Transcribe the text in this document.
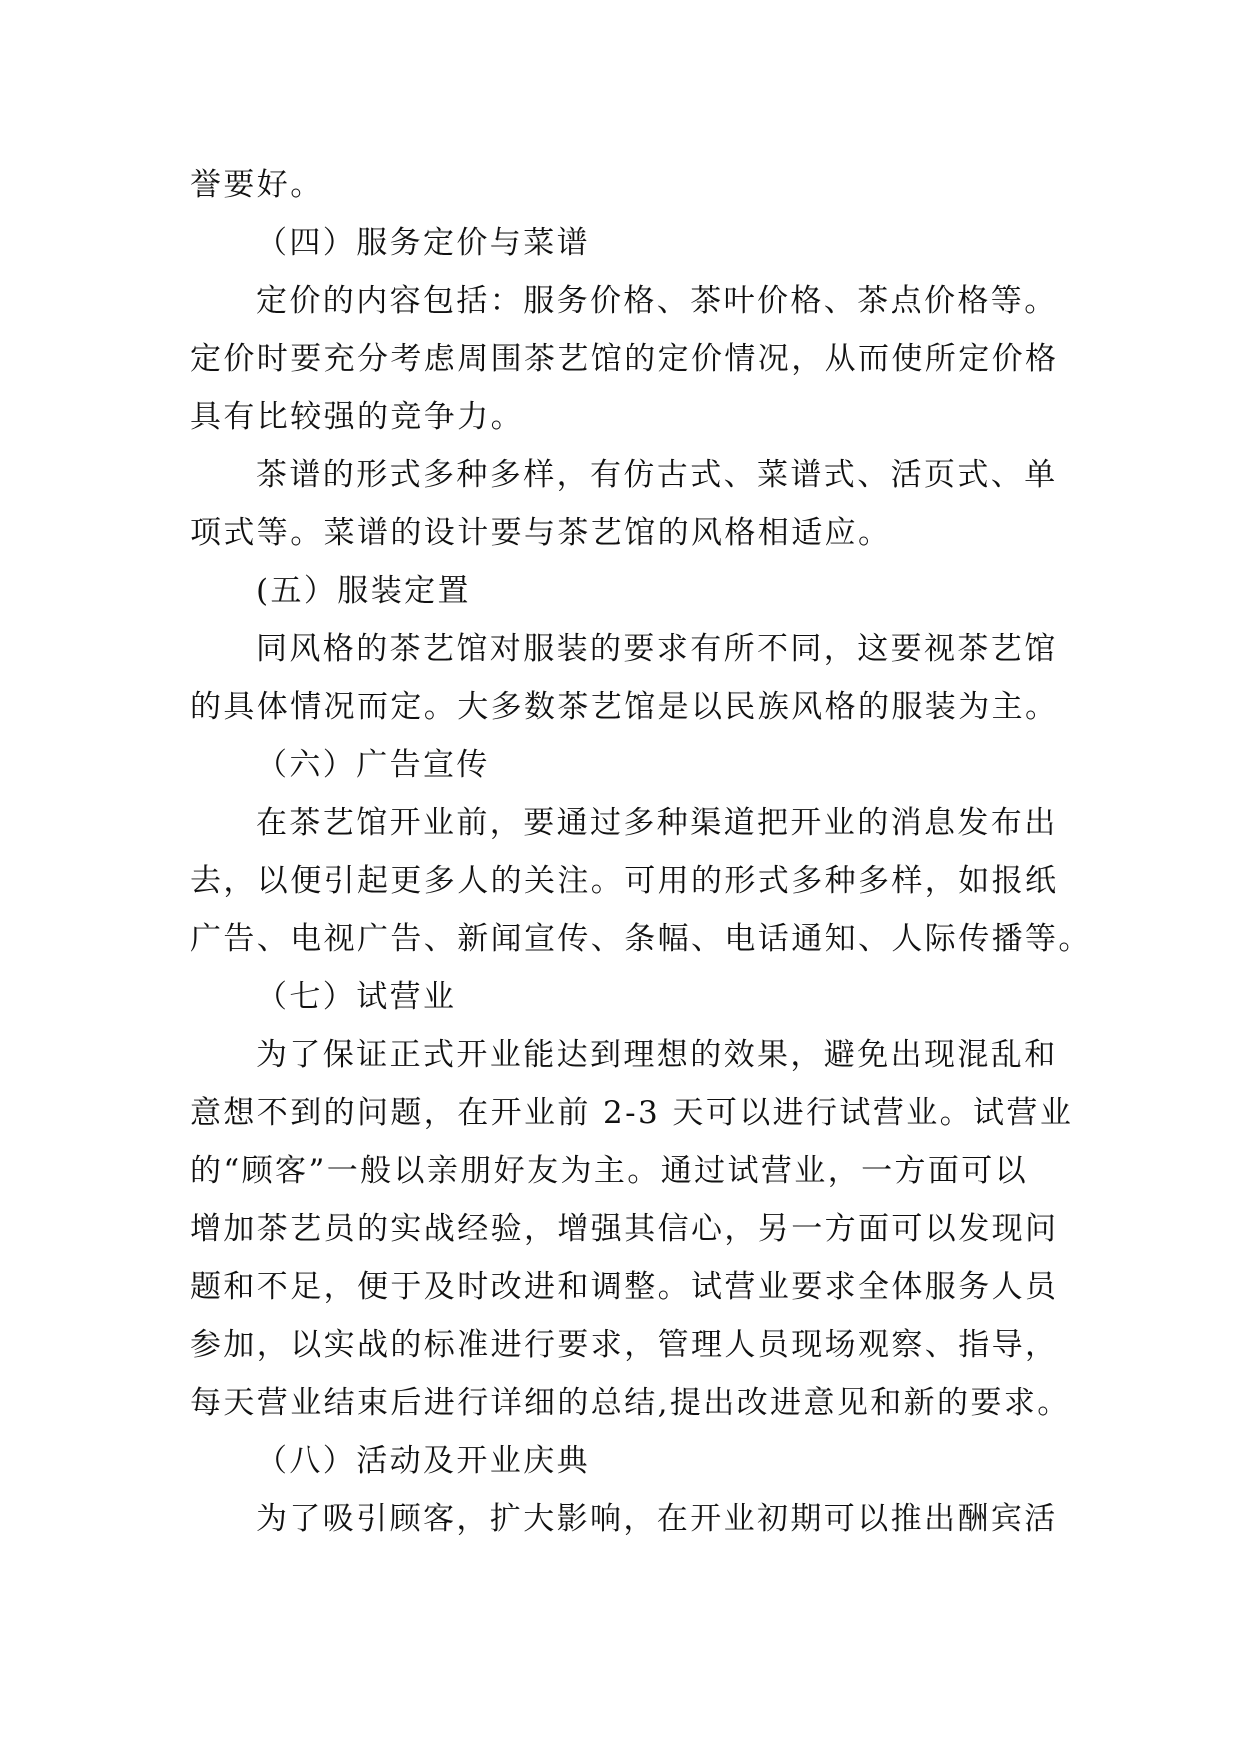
誉要好。
（四）服务定价与菜谱
定价的内容包括：服务价格、茶叶价格、茶点价格等。
定价时要充分考虑周围茶艺馆的定价情况，从而使所定价格
具有比较强的竞争力。
茶谱的形式多种多样，有仿古式、菜谱式、活页式、单
项式等。菜谱的设计要与茶艺馆的风格相适应。
(五）服装定置
同风格的茶艺馆对服装的要求有所不同，这要视茶艺馆
的具体情况而定。大多数茶艺馆是以民族风格的服装为主。
（六）广告宣传
在茶艺馆开业前，要通过多种渠道把开业的消息发布出
去，以便引起更多人的关注。可用的形式多种多样，如报纸
广告、电视广告、新闻宣传、条幅、电话通知、人际传播等。
（七）试营业
为了保证正式开业能达到理想的效果，避免出现混乱和
意想不到的问题，在开业前 2-3 天可以进行试营业。试营业
的“顾客”一般以亲朋好友为主。通过试营业，一方面可以
增加茶艺员的实战经验，增强其信心，另一方面可以发现问
题和不足，便于及时改进和调整。试营业要求全体服务人员
参加，以实战的标准进行要求，管理人员现场观察、指导，
每天营业结束后进行详细的总结,提出改进意见和新的要求。
（八）活动及开业庆典
为了吸引顾客，扩大影响，在开业初期可以推出酬宾活
